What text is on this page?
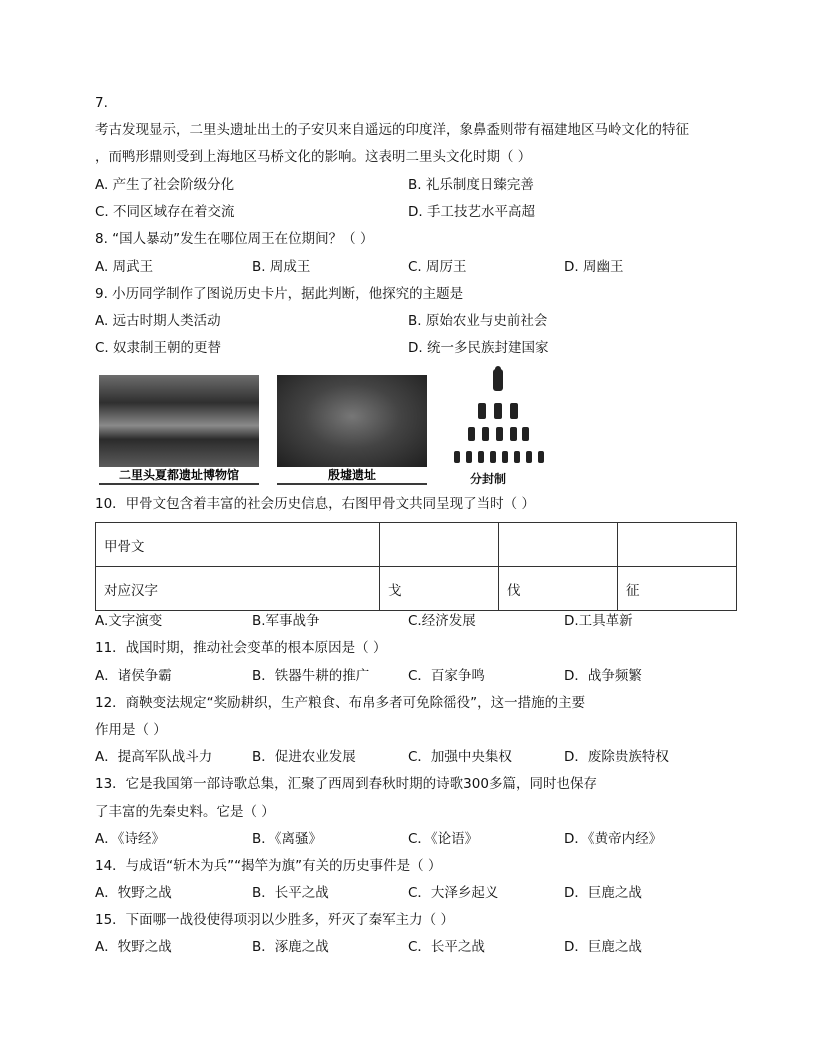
7.
考古发现显示，二里头遗址出土的子安贝来自遥远的印度洋，象鼻盉则带有福建地区马岭文化的特征
，而鸭形鼎则受到上海地区马桥文化的影响。这表明二里头文化时期（ ）
A. 产生了社会阶级分化	B. 礼乐制度日臻完善
C. 不同区域存在着交流	D. 手工技艺水平高超
8. “国人暴动”发生在哪位周王在位期间？（ ）
A. 周武王	B. 周成王	C. 周厉王	D. 周幽王
9. 小历同学制作了图说历史卡片，据此判断，他探究的主题是
A. 远古时期人类活动	B. 原始农业与史前社会
C. 奴隶制王朝的更替	D. 统一多民族封建国家
二里头夏都遗址博物馆	殷墟遗址	分封制
10．甲骨文包含着丰富的社会历史信息，右图甲骨文共同呈现了当时（ ）
甲骨文			
对应汉字	戈	伐	征
A.文字演变	B.军事战争	C.经济发展	D.工具革新
11．战国时期，推动社会变革的根本原因是（ ）
A．诸侯争霸	B．铁器牛耕的推广	C．百家争鸣	D．战争频繁
12．商鞅变法规定“奖励耕织，生产粮食、布帛多者可免除徭役”，这一措施的主要
作用是（ ）
A．提高军队战斗力	B．促进农业发展	C．加强中央集权	D．废除贵族特权
13．它是我国第一部诗歌总集，汇聚了西周到春秋时期的诗歌300多篇，同时也保存
了丰富的先秦史料。它是（ ）
A．《诗经》	B．《离骚》	C．《论语》	D．《黄帝内经》
14．与成语“斩木为兵”“揭竿为旗”有关的历史事件是（ ）
A．牧野之战	B．长平之战	C．大泽乡起义	D．巨鹿之战
15．下面哪一战役使得项羽以少胜多，歼灭了秦军主力（ ）
A．牧野之战	B．涿鹿之战	C．长平之战	D．巨鹿之战
